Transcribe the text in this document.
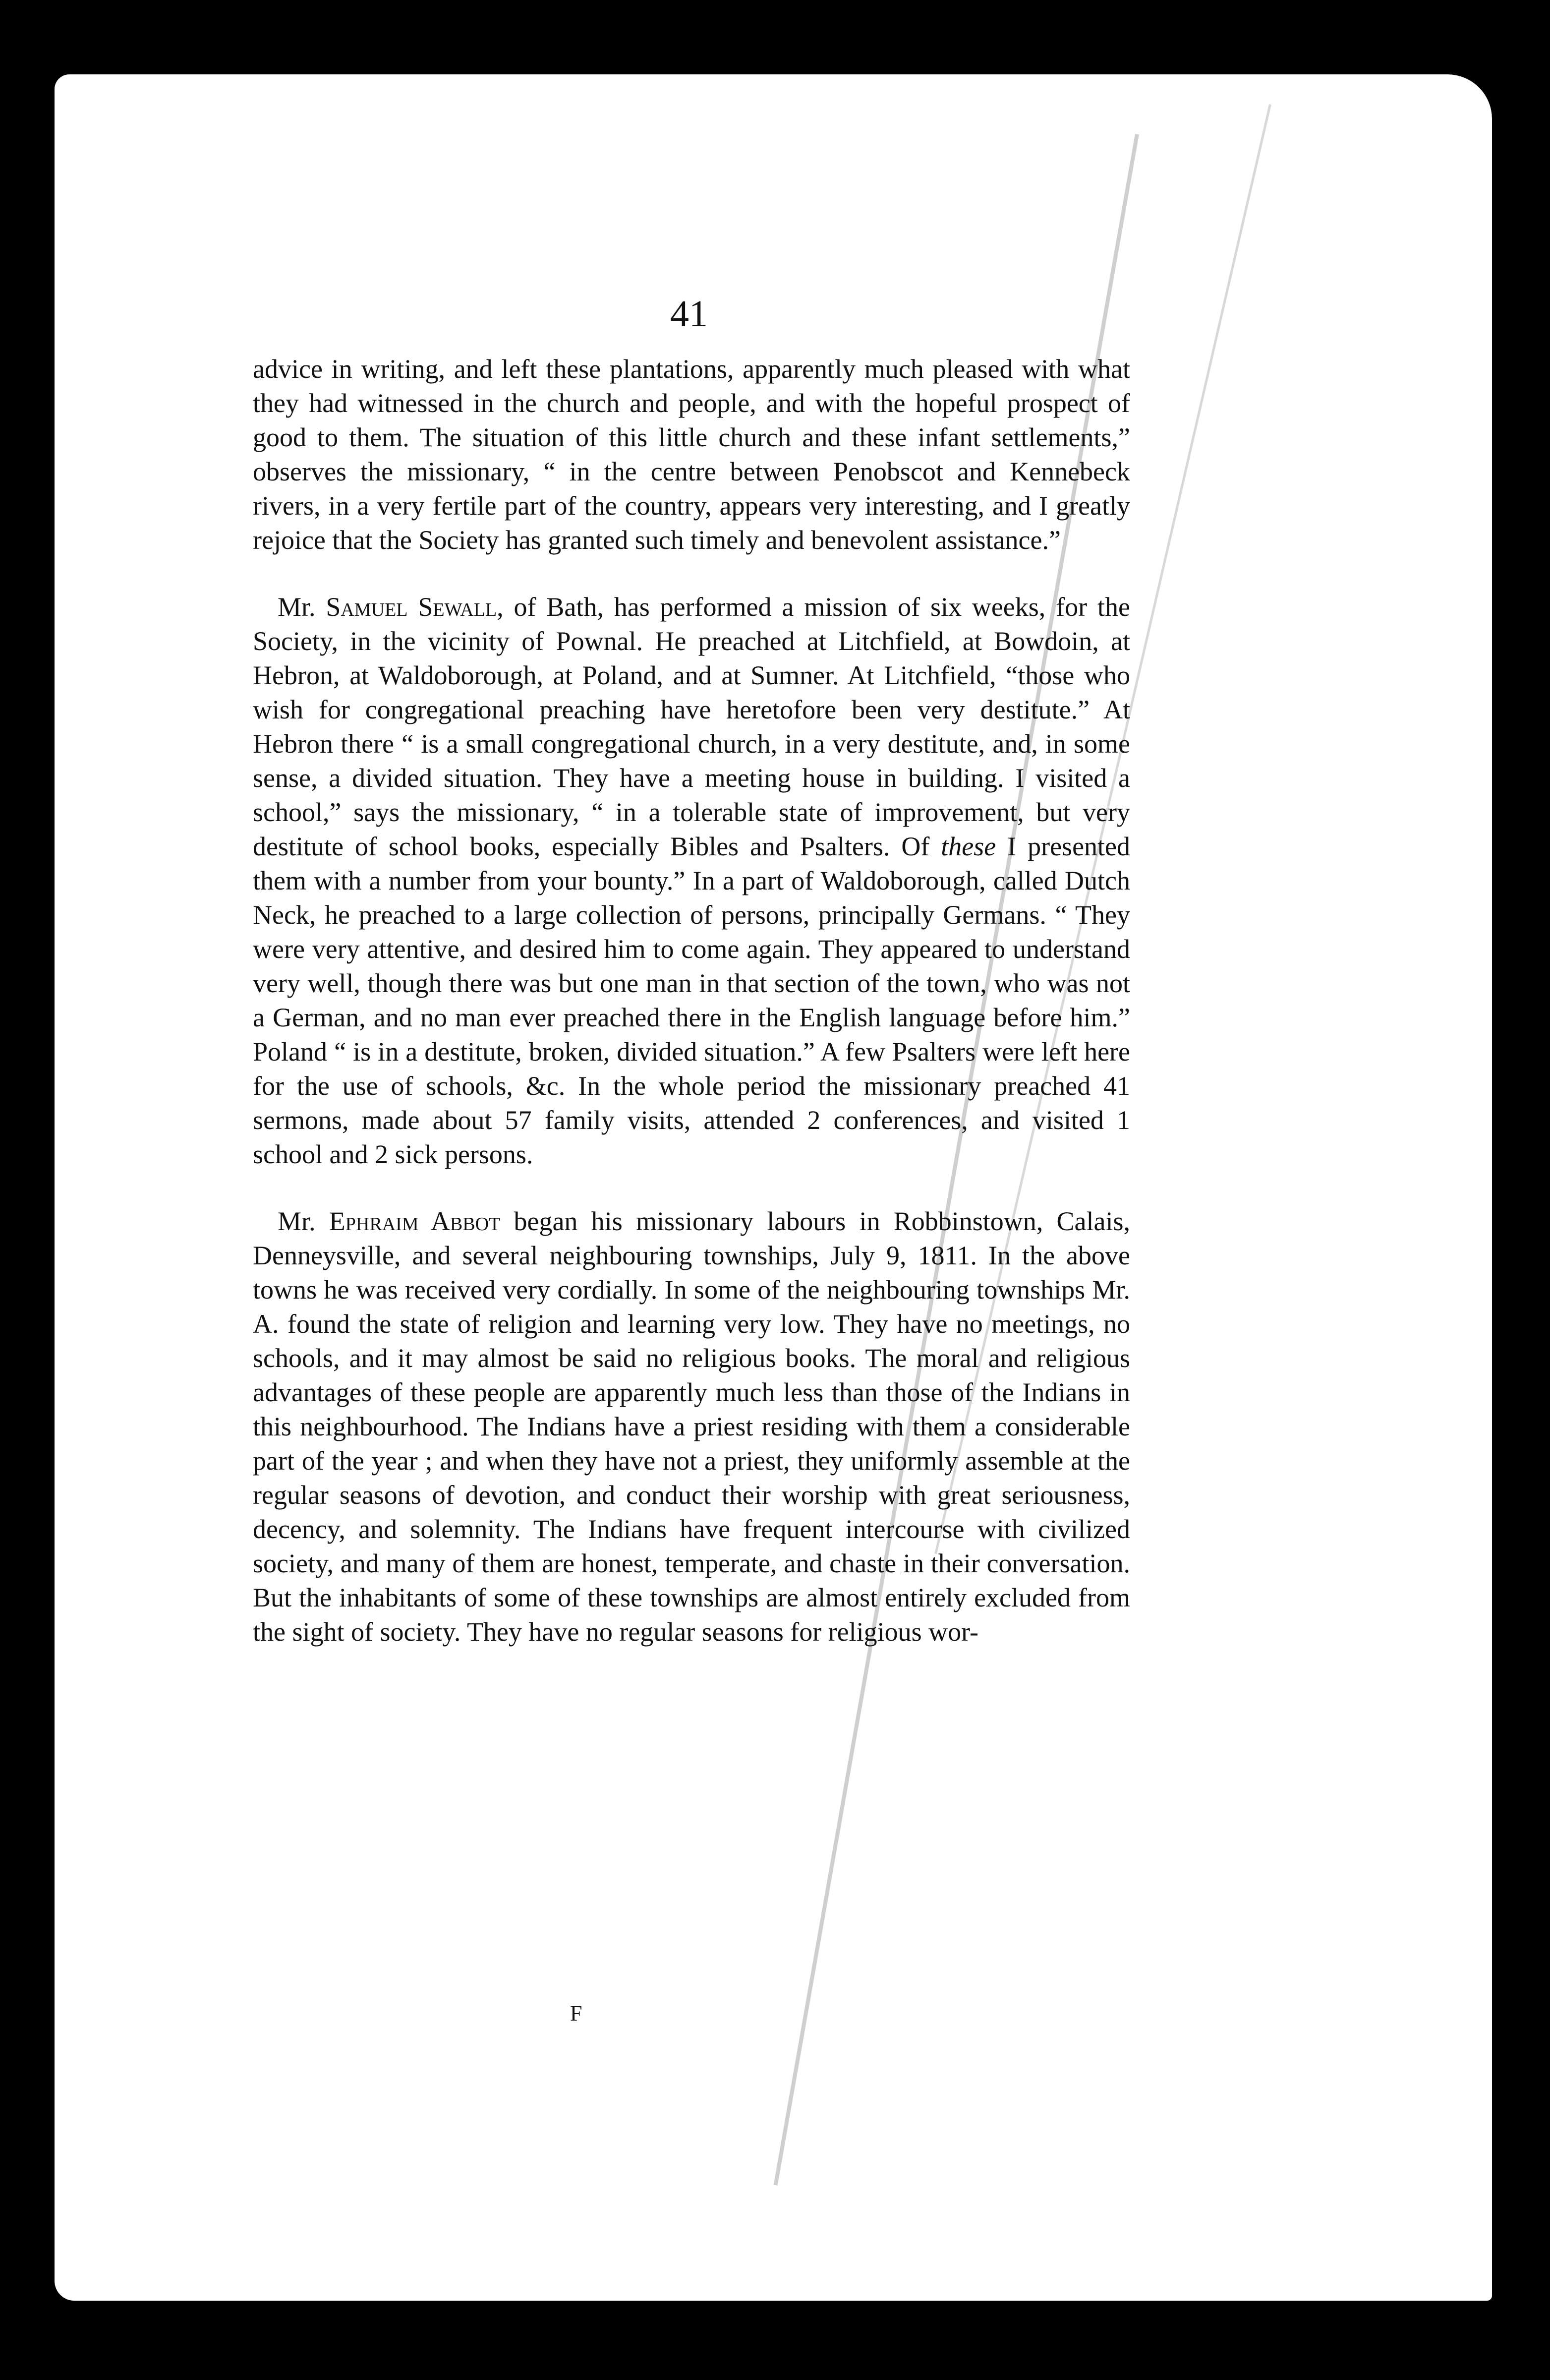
41

advice in writing, and left these plantations, apparently much pleased with what they had witnessed in the church and people, and with the hopeful prospect of good to them. The situation of this little church and these infant settlements,” observes the missionary, “ in the centre between Penobscot and Kennebeck rivers, in a very fertile part of the country, appears very interesting, and I greatly rejoice that the Society has granted such timely and benevolent assistance.”

Mr. Samuel Sewall, of Bath, has performed a mission of six weeks, for the Society, in the vicinity of Pownal. He preached at Litchfield, at Bowdoin, at Hebron, at Waldoborough, at Poland, and at Sumner. At Litchfield, “those who wish for congregational preaching have heretofore been very destitute.” At Hebron there “ is a small congregational church, in a very destitute, and, in some sense, a divided situation. They have a meeting house in building. I visited a school,” says the missionary, “ in a tolerable state of improvement, but very destitute of school books, especially Bibles and Psalters. Of these I presented them with a number from your bounty.” In a part of Waldoborough, called Dutch Neck, he preached to a large collection of persons, principally Germans. “ They were very attentive, and desired him to come again. They appeared to understand very well, though there was but one man in that section of the town, who was not a German, and no man ever preached there in the English language before him.” Poland “ is in a destitute, broken, divided situation.” A few Psalters were left here for the use of schools, &c. In the whole period the missionary preached 41 sermons, made about 57 family visits, attended 2 conferences, and visited 1 school and 2 sick persons.

Mr. Ephraim Abbot began his missionary labours in Robbinstown, Calais, Denneysville, and several neighbouring townships, July 9, 1811. In the above towns he was received very cordially. In some of the neighbouring townships Mr. A. found the state of religion and learning very low. They have no meetings, no schools, and it may almost be said no religious books. The moral and religious advantages of these people are apparently much less than those of the Indians in this neighbourhood. The Indians have a priest residing with them a considerable part of the year ; and when they have not a priest, they uniformly assemble at the regular seasons of devotion, and conduct their worship with great seriousness, decency, and solemnity. The Indians have frequent intercourse with civilized society, and many of them are honest, temperate, and chaste in their conversation. But the inhabitants of some of these townships are almost entirely excluded from the sight of society. They have no regular seasons for religious wor-

F
